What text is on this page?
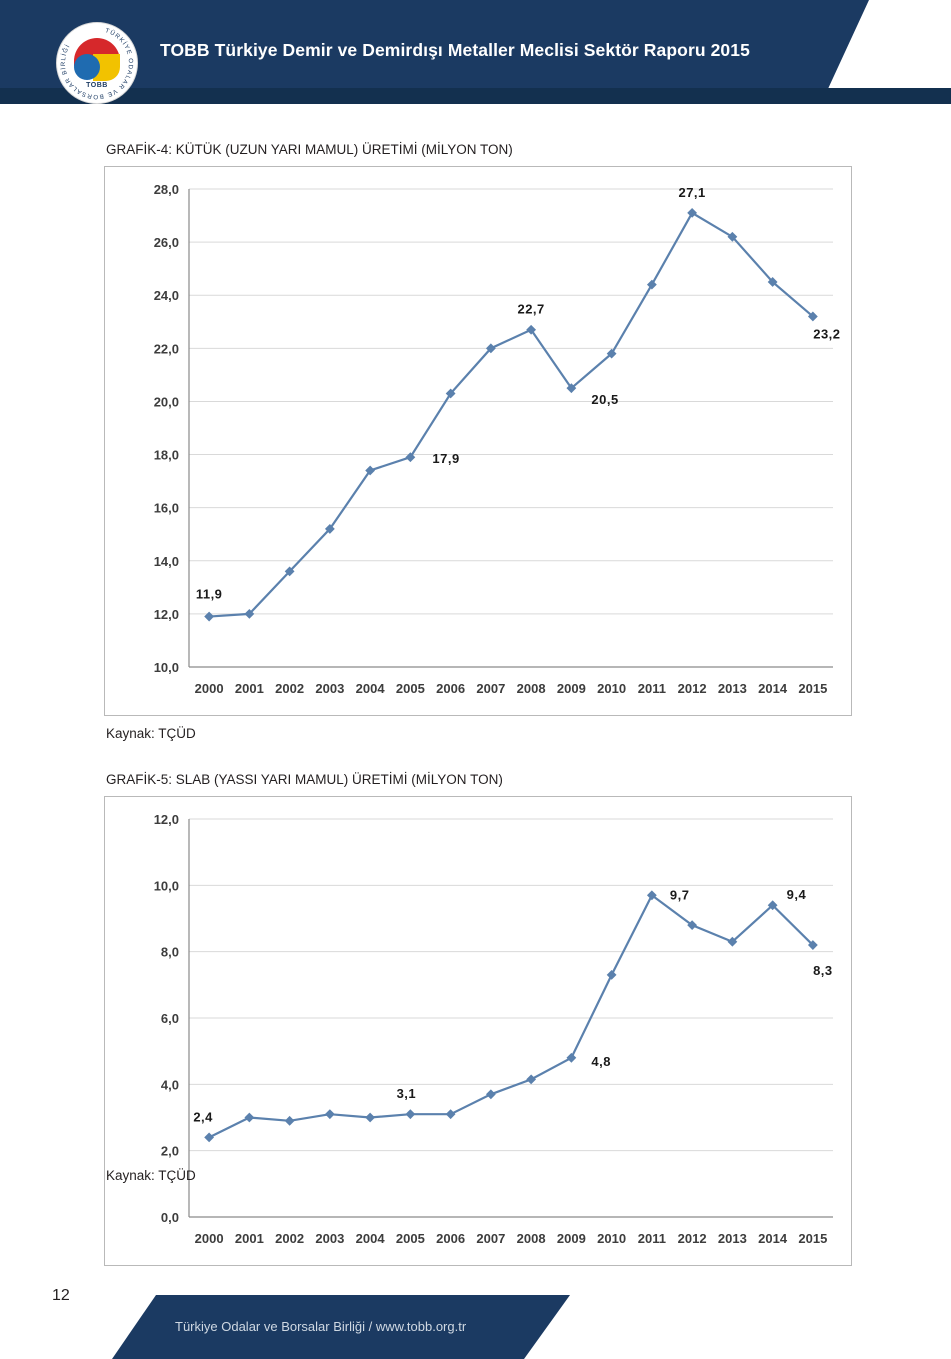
TÜRKİYE ODALAR VE BORSALAR BİRLİĞİ
TOBB
TOBB Türkiye Demir ve Demirdışı Metaller Meclisi Sektör Raporu 2015
GRAFİK-4: KÜTÜK (UZUN YARI MAMUL) ÜRETİMİ (MİLYON TON)
10,0
12,0
14,0
16,0
18,0
20,0
22,0
24,0
26,0
28,0
2000 2001 2002 2003 2004 2005 2006 2007 2008 2009 2010 2011 2012 2013 2014 2015
11,9
17,9
22,7
20,5
27,1
23,2
Kaynak: TÇÜD
GRAFİK-5: SLAB (YASSI YARI MAMUL) ÜRETİMİ (MİLYON TON)
0,0
2,0
4,0
6,0
8,0
10,0
12,0
2000 2001 2002 2003 2004 2005 2006 2007 2008 2009 2010 2011 2012 2013 2014 2015
2,4
3,1
4,8
9,7	9,4
8,3
Kaynak: TÇÜD
12
Türkiye Odalar ve Borsalar Birliği / www.tobb.org.tr
